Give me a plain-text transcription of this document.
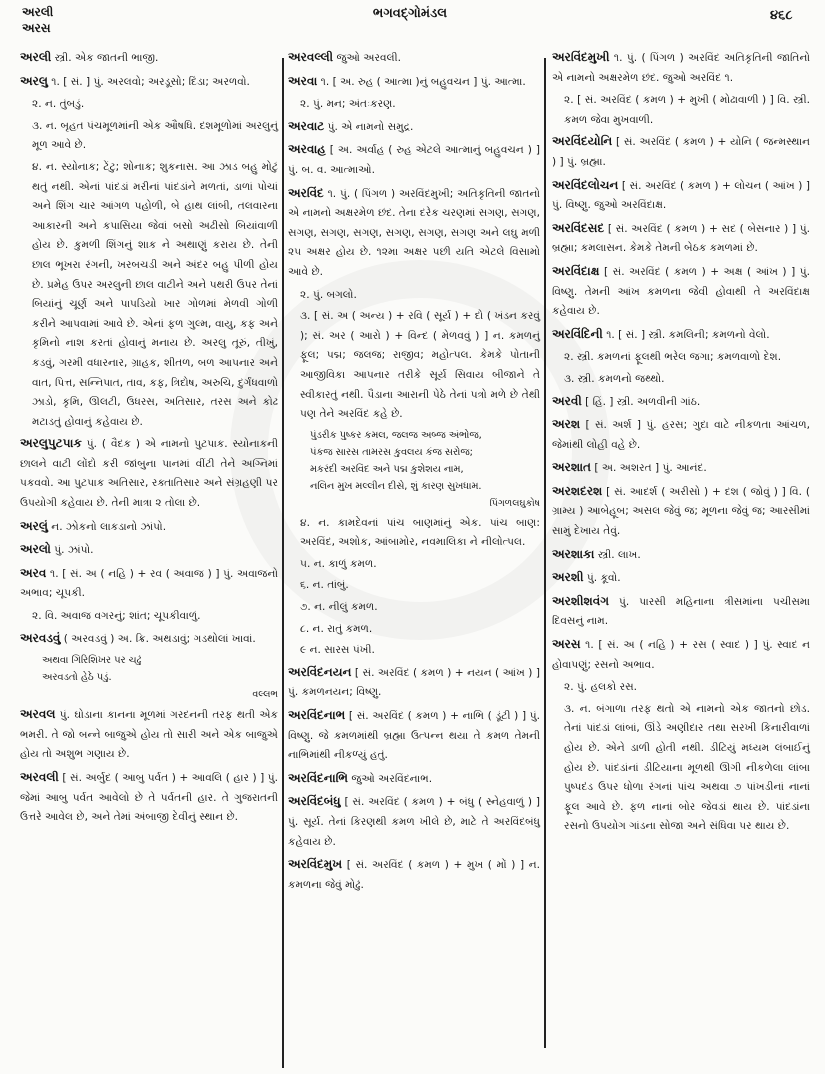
અરલી
અરસ
ભગવદ્ગોમંડલ	૪૬૮

અરલી સ્ત્રી. એક જાતની ભાજી.

અરલુ ૧. [ સં. ] પું. અરલવો; અરડૂસો; દિંડા; અરળવો.

૨. ન. તુંબડું.

૩. ન. બૃહત પંચમૂળમાંની એક ઔષધિ. દશમૂળોમાં અરલુનું મૂળ આવે છે.

૪. ન. સ્યોનાક; ટેંટુ; શોનાક; શુકનાસ. આ ઝાડ બહુ મોટું થતું નથી. એનાં પાંદડાં મરીનાં પાંદડાંને મળતાં, ડાળાં પોચાં અને શિંગ ચાર આંગળ પહોળી, બે હાથ લાંબી, તલવારના આકારની અને કપાસિયા જેવાં બસો અઢીસો બિયાંવાળી હોય છે. કુમળી શિંગનું શાક ને અથાણું કરાય છે. તેની છાલ ભૂખરા રંગની, ખરબચડી અને અંદર બહુ પીળી હોય છે. પ્રમેહ ઉપર અરલુની છાલ વાટીને અને પથરી ઉપર તેનાં બિયાંનું ચૂર્ણ અને પાપડિયો ખાર ગોળમાં મેળવી ગોળી કરીને આપવામાં આવે છે. એનાં ફળ ગુલ્મ, વાયુ, કફ અને કૃમિનો નાશ કરતાં હોવાનું મનાય છે. અરલુ તૂરું, તીખું, કડવું, ગરમી વધારનાર, ગ્રાહક, શીતળ, બળ આપનાર અને વાત, પિત્ત, સન્નિપાત, તાવ, કફ, ત્રિદોષ, અરુચિ, દુર્ગંધવાળો ઝાડો, કૃમિ, ઊલટી, ઉધરસ, અતિસાર, તરસ અને કોઢ મટાડતું હોવાનું કહેવાય છે.

અરલુપુટપાક પું. ( વૈદક ) એ નામનો પુટપાક. સ્યોનાકની છાલને વાટી લોંદો કરી જાંબુના પાનમાં વીંટી તેને અગ્નિમાં પકવવો. આ પુટપાક અતિસાર, રક્તાતિસાર અને સંગ્રહણી પર ઉપયોગી કહેવાય છે. તેની માત્રા ૨ તોલા છે.

અરલું ન. ઝોકનો લાકડાનો ઝાંપો.

અરલો પું. ઝાંપો.

અરવ ૧. [ સં. અ ( નહિ ) + રવ ( અવાજ ) ] પું. અવાજનો અભાવ; ચૂપકી.

૨. વિ. અવાજ વગરનું; શાંત; ચૂપકીવાળું.

અરવડવું ( અરવડવું ) અ. ક્રિ. અથડાવું; ગડથોલાં ખાવાં.

અથવા ગિરિશિખર પર ચઢું
અરવડતો હેઠે પડું.
વલ્લભ

અરવલ પું. ઘોડાના કાનના મૂળમાં ગરદનની તરફ થતી એક ભમરી. તે જો બન્ને બાજુએ હોય તો સારી અને એક બાજુએ હોય તો અશુભ ગણાય છે.

અરવલી [ સં. અર્બુદ ( આબુ પર્વત ) + આવલિ ( હાર ) ] પું. જેમાં આબુ પર્વત આવેલો છે તે પર્વતની હાર. તે ગુજરાતની ઉત્તરે આવેલ છે, અને તેમાં અંબાજી દેવીનું સ્થાન છે.

અરવલ્લી જુઓ અરવલી.

અરવા ૧. [ અ. રુહ ( આત્મા )નું બહુવચન ] પું. આત્મા.

૨. પું. મન; અંતઃકરણ.

અરવાટ પું. એ નામનો સમુદ્ર.

અરવાહ [ અ. અર્વાહ ( રુહ એટલે આત્માનું બહુવચન ) ] પું. બ. વ. આત્માઓ.

અરવિંદ ૧. પું. ( પિંગળ ) અરવિંદમુખી; અતિકૃતિની જાતનો એ નામનો અક્ષરમેળ છંદ. તેના દરેક ચરણમાં સગણ, સગણ, સગણ, સગણ, સગણ, સગણ, સગણ, સગણ અને લઘુ મળી ૨૫ અક્ષર હોય છે. ૧૨મા અક્ષર પછી યતિ એટલે વિસામો આવે છે.

૨. પું. બગલો.

૩. [ સં. અ ( અન્ય ) + રવિ ( સૂર્ય ) + દો ( ખંડન કરવું ); સં. અર ( આરો ) + વિન્દ ( મેળવવું ) ] ન. કમળનું ફૂલ; પદ્મ; જલજ; રાજીવ; મહોત્પલ. કેમકે પોતાની આજીવિકા આપનાર તરીકે સૂર્ય સિવાય બીજાને તે સ્વીકારતું નથી. પૈડાના આરાની પેઠે તેનાં પત્રો મળે છે તેથી પણ તેને અરવિંદ કહે છે.

પુંડરીક પુષ્કર કમલ, જલજ અબ્જ અંભોજ,
પંકજ સારસ તામરસ કુવલય કંજ સરોજ;
મકરંદી અરવિંદ અને પદ્મ કુશેશય નામ,
નલિન મુખ મલ્લીન દીસે, શું કારણ સુખધામ.
પિંગળલઘુકોષ

૪. ન. કામદેવનાં પાંચ બાણમાંનું એક. પાંચ બાણ: અરવિંદ, અશોક, આંબામોર, નવમાલિકા ને નીલોત્પલ.

૫. ન. કાળું કમળ.

૬. ન. તાંબું.

૭. ન. નીલું કમળ.

૮. ન. રાતું કમળ.

૯ ન. સારસ પંખી.

અરવિંદનયન [ સં. અરવિંદ ( કમળ ) + નયન ( આંખ ) ] પું. કમળનયન; વિષ્ણુ.

અરવિંદનાભ [ સં. અરવિંદ ( કમળ ) + નાભિ ( ડૂંટી ) ] પું. વિષ્ણુ. જે કમળમાંથી બ્રહ્મા ઉત્પન્ન થયા તે કમળ તેમની નાભિમાંથી નીકળ્યું હતું.

અરવિંદનાભિ જુઓ અરવિંદનાભ.

અરવિંદબંધુ [ સં. અરવિંદ ( કમળ ) + બંધુ ( સ્નેહવાળું ) ] પું. સૂર્ય. તેનાં કિરણથી કમળ ખીલે છે, માટે તે અરવિંદબંધુ કહેવાય છે.

અરવિંદમુખ [ સં. અરવિંદ ( કમળ ) + મુખ ( મોં ) ] ન. કમળના જેવું મોઢું.

અરવિંદમુખી ૧. પું. ( પિંગળ ) અરવિંદ અતિકૃતિની જાતિનો એ નામનો અક્ષરમેળ છંદ. જુઓ અરવિંદ ૧.

૨. [ સં. અરવિંદ ( કમળ ) + મુખી ( મોઢાવાળી ) ] વિ. સ્ત્રી. કમળ જેવા મુખવાળી.

અરવિંદયોનિ [ સં. અરવિંદ ( કમળ ) + યોનિ ( જન્મસ્થાન ) ] પું. બ્રહ્મા.

અરવિંદલોચન [ સં. અરવિંદ ( કમળ ) + લોચન ( આંખ ) ] પું. વિષ્ણુ. જુઓ અરવિંદાક્ષ.

અરવિંદસદ [ સં. અરવિંદ ( કમળ ) + સદ ( બેસનાર ) ] પું. બ્રહ્મા; કમલાસન. કેમકે તેમની બેઠક કમળમાં છે.

અરવિંદાક્ષ [ સં. અરવિંદ ( કમળ ) + અક્ષ ( આંખ ) ] પું. વિષ્ણુ. તેમની આંખ કમળના જેવી હોવાથી તે અરવિંદાક્ષ કહેવાય છે.

અરવિંદિની ૧. [ સં. ] સ્ત્રી. કમલિની; કમળનો વેલો.

૨. સ્ત્રી. કમળનાં ફૂલથી ભરેલ જગા; કમળવાળો દેશ.

૩. સ્ત્રી. કમળનો જથ્થો.

અરવી [ હિં. ] સ્ત્રી. અળવીની ગાંઠ.

અરશ [ સં. અર્શ ] પું. હરસ; ગુદા વાટે નીકળતા આંચળ, જેમાંથી લોહી વહે છે.

અરશાત [ અ. અશરત ] પું. આનંદ.

અરશદરશ [ સં. આદર્શ ( અરીસો ) + દશ ( જોવું ) ] વિ. ( ગ્રામ્ય ) આબેહૂબ; અસલ જેવું જ; મૂળના જેવું જ; આરસીમાં સામું દેખાય તેવું.

અરશાકા સ્ત્રી. લાખ.

અરશી પું. કૂવો.

અરશીશવંગ પું. પારસી મહિનાના ત્રીસમાંના પચીસમા દિવસનું નામ.

અરસ ૧. [ સં. અ ( નહિ ) + રસ ( સ્વાદ ) ] પું. સ્વાદ ન હોવાપણું; રસનો અભાવ.

૨. પું. હલકો રસ.

૩. ન. બંગાળા તરફ થતો એ નામનો એક જાતનો છોડ. તેનાં પાંદડાં લાંબાં, ઊંડે અણીદાર તથા સરખી કિનારીવાળાં હોય છે. એને ડાળી હોતી નથી. ડીટિયું મધ્યમ લંબાઈનું હોય છે. પાંદડાંનાં ડીટિયાના મૂળથી ઊગી નીકળેલા લાંબા પુષ્પદંડ ઉપર ધોળા રંગનાં પાંચ અથવા ૭ પાંખડીનાં નાનાં ફૂલ આવે છે. ફળ નાનાં બોર જેવડાં થાય છે. પાંદડાંના રસનો ઉપયોગ ગાંડના સોજા અને સંધિવા પર થાય છે.
